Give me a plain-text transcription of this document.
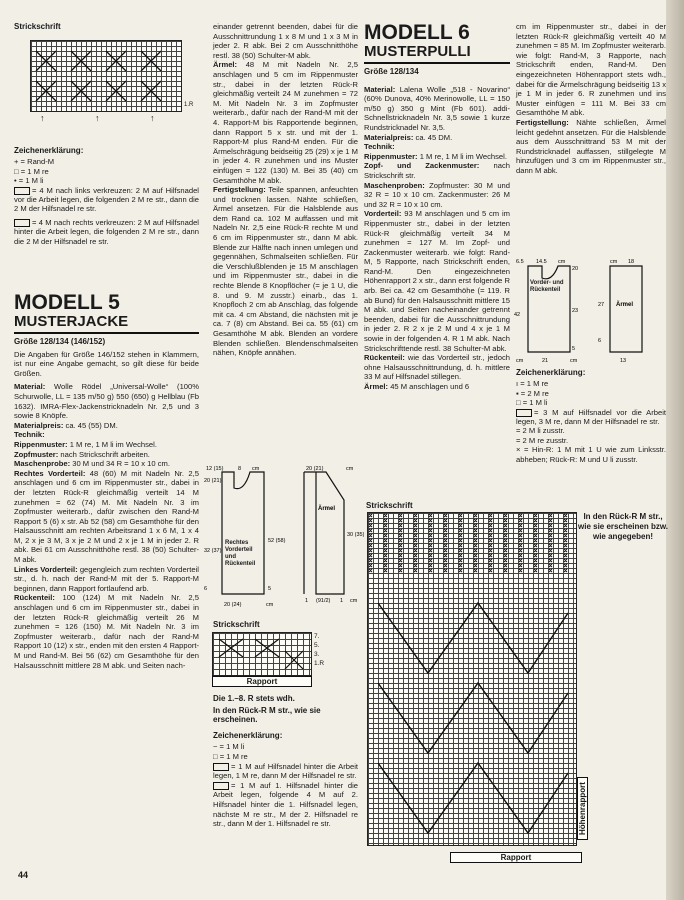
Strickschrift
1.R
↑	↑	↑
Zeichenerklärung:
+ = Rand-M
□ = 1 M re
• = 1 M li

= 4 M nach links verkreuzen: 2 M auf Hilfsnadel vor die Arbeit legen, die folgenden 2 M re str., dann die 2 M der Hilfsnadel re str.

= 4 M nach rechts verkreuzen: 2 M auf Hilfsnadel hinter die Arbeit legen, die folgenden 2 M re str., dann die 2 M der Hilfsnadel re str.

MODELL 5
MUSTERJACKE
Größe 128/134 (146/152)

Die Angaben für Größe 146/152 stehen in Klammern, ist nur eine Angabe gemacht, so gilt diese für beide Größen.

Material: Wolle Rödel „Universal-Wolle“ (100% Schurwolle, LL = 135 m/50 g) 550 (650) g Hellblau (Fb 1632). IMRA-Flex-Jackenstricknadeln Nr. 2,5 und 3 sowie 8 Knöpfe.

Materialpreis: ca. 45 (55) DM.

Technik:

Rippenmuster: 1 M re, 1 M li im Wechsel.

Zopfmuster: nach Strickschrift arbeiten.

Maschenprobe: 30 M und 34 R = 10 x 10 cm.

Rechtes Vorderteil: 48 (60) M mit Nadeln Nr. 2,5 anschlagen und 6 cm im Rippenmuster str., dabei in der letzten Rück-R gleichmäßig verteilt 14 M zunehmen = 62 (74) M. Mit Nadeln Nr. 3 im Zopfmuster weiterarb., dafür zwischen den Rand-M Rapport 5 (6) x str. Ab 52 (58) cm Gesamthöhe für den Halsausschnitt am rechten Arbeitsrand 1 x 6 M, 1 x 4 M, 2 x je 3 M, 3 x je 2 M und 2 x je 1 M in jeder 2. R abk. Bei 61 cm Ausschnitthöhe restl. 38 (50) Schulter-M abk.

Linkes Vorderteil: gegengleich zum rechten Vorderteil str., d. h. nach der Rand-M mit der 5. Rapport-M beginnen, dann Rapport fortlaufend arb.

Rückenteil: 100 (124) M mit Nadeln Nr. 2,5 anschlagen und 6 cm im Rippenmuster str., dabei in der letzten Rück-R gleichmäßig verteilt 26 M zunehmen = 126 (150) M. Mit Nadeln Nr. 3 im Zopfmuster weiterarb., dafür nach der Rand-M Rapport 10 (12) x str., enden mit den ersten 4 Rapport-M und Rand-M. Bei 56 (62) cm Gesamthöhe für den Halsausschnitt mittlere 28 M abk. und Seiten nach-

einander getrennt beenden, dabei für die Ausschnittrundung 1 x 8 M und 1 x 3 M in jeder 2. R abk. Bei 2 cm Ausschnitthöhe restl. 38 (50) Schulter-M abk.

Ärmel: 48 M mit Nadeln Nr. 2,5 anschlagen und 5 cm im Rippenmuster str., dabei in der letzten Rück-R gleichmäßig verteilt 24 M zunehmen = 72 M. Mit Nadeln Nr. 3 im Zopfmuster weiterarb., dafür nach der Rand-M mit der 4. Rapport-M bis Rapportende beginnen, dann Rapport 5 x str. und mit der 1. Rapport-M plus Rand-M enden. Für die Ärmelschrägung beidseitig 25 (29) x je 1 M in jeder 4. R zunehmen und ins Muster einfügen = 122 (130) M. Bei 35 (40) cm Gesamthöhe M abk.

Fertigstellung: Teile spannen, anfeuchten und trocknen lassen. Nähte schließen, Ärmel ansetzen. Für die Halsblende aus dem Rand ca. 102 M auffassen und mit Nadeln Nr. 2,5 eine Rück-R rechte M und 6 cm im Rippenmuster str., dann M abk. Blende zur Hälfte nach innen umlegen und gegennähen, Schmalseiten schließen. Für die Verschlußblenden je 15 M anschlagen und im Rippenmuster str., dabei in die rechte Blende 8 Knopflöcher (= je 1 U, die 8. und 9. M zusstr.) einarb., das 1. Knopfloch 2 cm ab Anschlag, das folgende mit ca. 4 cm Abstand, die nächsten mit je ca. 7 (8) cm Abstand. Bei ca. 55 (61) cm Gesamthöhe M abk. Blenden an vordere Blenden schließen. Blendenschmalseiten nähen, Knöpfe annähen.

12 (15)	8 cm	20 (21)	cm
20 (21)
32 (37)
52 (58)
30 (35)
6	5
1 (91/2) 1 cm
20 (24)	cm
Ärmel
Rechtes Vorderteil und Rückenteil
Strickschrift
7.
5.
3.
1.R
Rapport
Die 1.–8. R stets wdh.
In den Rück-R M str., wie sie erscheinen.
Zeichenerklärung:
− = 1 M li
□ = 1 M re

= 1 M auf Hilfsnadel hinter die Arbeit legen, 1 M re, dann M der Hilfsnadel re str.

= 1 M auf 1. Hilfsnadel hinter die Arbeit legen, folgende 4 M auf 2. Hilfsnadel hinter die 1. Hilfsnadel legen, nächste M re str., M der 2. Hilfsnadel re str., dann M der 1. Hilfsnadel re str.

MODELL 6
MUSTERPULLI
Größe 128/134

Material: Lalena Wolle „518 - Novarino“ (60% Dunova, 40% Merinowolle, LL = 150 m/50 g) 350 g Mint (Fb 601). addi-Schnellstricknadeln Nr. 3,5 sowie 1 kurze Rundstricknadel Nr. 3,5.

Materialpreis: ca. 45 DM.

Technik:

Rippenmuster: 1 M re, 1 M li im Wechsel.

Zopf- und Zackenmuster: nach Strickschrift str.

Maschenproben: Zopfmuster: 30 M und 32 R = 10 x 10 cm. Zackenmuster: 26 M und 32 R = 10 x 10 cm.

Vorderteil: 93 M anschlagen und 5 cm im Rippenmuster str., dabei in der letzten Rück-R gleichmäßig verteilt 34 M zunehmen = 127 M. Im Zopf- und Zackenmuster weiterarb. wie folgt: Rand-M, 5 Rapporte, nach Strickschrift enden, Rand-M. Den eingezeichneten Höhenrapport 2 x str., dann erst folgende R arb. Bei ca. 42 cm Gesamthöhe (= 119. R ab Bund) für den Halsausschnitt mittlere 15 M abk. und Seiten nacheinander getrennt beenden, dabei für die Ausschnittrundung in jeder 2. R 2 x je 2 M und 4 x je 1 M sowie in der folgenden 4. R 1 M abk. Nach Strickschrifttende restl. 38 Schulter-M abk.

Rückenteil: wie das Vorderteil str., jedoch ohne Halsausschnittrundung, d. h. mittlere 33 M auf Hilfsnadel stillegen.

Ärmel: 45 M anschlagen und 6

Strickschrift
Höhenrapport
Rapport

cm im Rippenmuster str., dabei in der letzten Rück-R gleichmäßig verteilt 40 M zunehmen = 85 M. Im Zopfmuster weiterarb. wie folgt: Rand-M, 3 Rapporte, nach Strickschrift enden, Rand-M. Den eingezeichneten Höhenrapport stets wdh., dabei für die Ärmelschrägung beidseitig 13 x je 1 M in jeder 6. R zunehmen und ins Muster einfügen = 111 M. Bei 33 cm Gesamthöhe M abk.

Fertigstellung: Nähte schließen, Ärmel leicht gedehnt ansetzen. Für die Halsblende aus dem Ausschnittrand 53 M mit der Rundstricknadel auffassen, stillgelegte M hinzufügen und 3 cm im Rippenmuster str., dann M abk.

6.5 14.5 cm
20
cm 18
42
23
27
6
5
cm	21	cm	13
Ärmel
Vorder- und Rückenteil
Zeichenerklärung:
ı = 1 M re
▪ = 2 M re
□ = 1 M li

= 3 M auf Hilfsnadel vor die Arbeit legen, 3 M re, dann M der Hilfsnadel re str.

= 2 M li zusstr.
= 2 M re zusstr.

× = Hin-R: 1 M mit 1 U wie zum Linksstr. abheben; Rück-R: M und U li zusstr.

In den Rück-R M str., wie sie erscheinen bzw. wie angegeben!
44
